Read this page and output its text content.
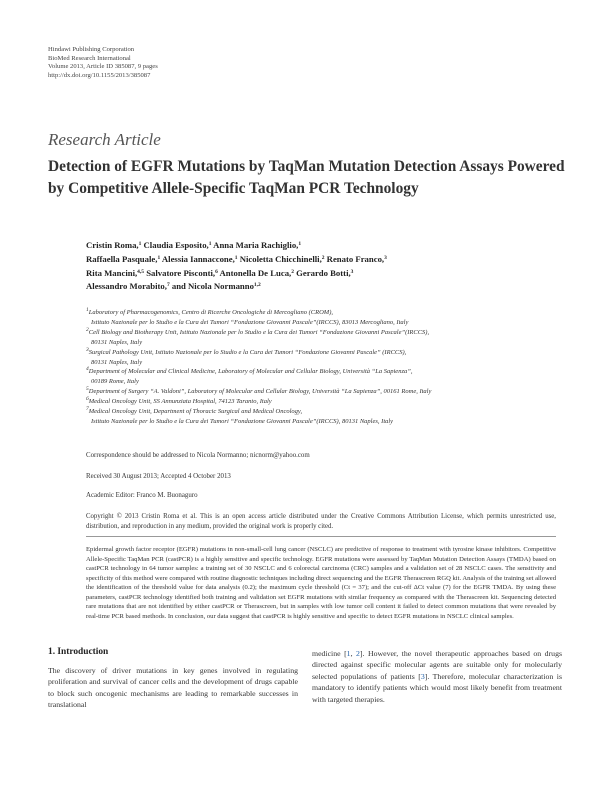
Hindawi Publishing Corporation
BioMed Research International
Volume 2013, Article ID 385087, 9 pages
http://dx.doi.org/10.1155/2013/385087
Research Article
Detection of EGFR Mutations by TaqMan Mutation Detection Assays Powered by Competitive Allele-Specific TaqMan PCR Technology
Cristin Roma,$^1$ Claudia Esposito,$^1$ Anna Maria Rachiglio,$^1$
Raffaella Pasquale,$^1$ Alessia Iannaccone,$^1$ Nicoletta Chicchinelli,$^2$ Renato Franco,$^3$
Rita Mancini,$^{4,5}$ Salvatore Pisconti,$^6$ Antonella De Luca,$^2$ Gerardo Botti,$^3$
Alessandro Morabito,$^7$ and Nicola Normanno$^{1,2}$
$^1$Laboratory of Pharmacogenomics, Centro di Ricerche Oncologiche di Mercogliano (CROM),
Istituto Nazionale per lo Studio e la Cura dei Tumori “Fondazione Giovanni Pascale”(IRCCS), 83013 Mercogliano, Italy
$^2$Cell Biology and Biotherapy Unit, Istituto Nazionale per lo Studio e la Cura dei Tumori “Fondazione Giovanni Pascale”(IRCCS),
80131 Naples, Italy
$^3$Surgical Pathology Unit, Istituto Nazionale per lo Studio e la Cura dei Tumori “Fondazione Giovanni Pascale” (IRCCS),
80131 Naples, Italy
$^4$Department of Molecular and Clinical Medicine, Laboratory of Molecular and Cellular Biology, Università “La Sapienza”,
00189 Rome, Italy
$^5$Department of Surgery “A. Valdoni”, Laboratory of Molecular and Cellular Biology, Università “La Sapienza”, 00161 Rome, Italy
$^6$Medical Oncology Unit, SS Annunziata Hospital, 74123 Taranto, Italy
$^7$Medical Oncology Unit, Department of Thoracic Surgical and Medical Oncology,
Istituto Nazionale per lo Studio e la Cura dei Tumori “Fondazione Giovanni Pascale”(IRCCS), 80131 Naples, Italy
Correspondence should be addressed to Nicola Normanno; nicnorm@yahoo.com
Received 30 August 2013; Accepted 4 October 2013
Academic Editor: Franco M. Buonaguro
Copyright © 2013 Cristin Roma et al. This is an open access article distributed under the Creative Commons Attribution License, which permits unrestricted use, distribution, and reproduction in any medium, provided the original work is properly cited.
Epidermal growth factor receptor (EGFR) mutations in non-small-cell lung cancer (NSCLC) are predictive of response to treatment with tyrosine kinase inhibitors. Competitive Allele-Specific TaqMan PCR (castPCR) is a highly sensitive and specific technology. EGFR mutations were assessed by TaqMan Mutation Detection Assays (TMDA) based on castPCR technology in 64 tumor samples: a training set of 30 NSCLC and 6 colorectal carcinoma (CRC) samples and a validation set of 28 NSCLC cases. The sensitivity and specificity of this method were compared with routine diagnostic techniques including direct sequencing and the EGFR Therascreen RGQ kit. Analysis of the training set allowed the identification of the threshold value for data analysis (0.2); the maximum cycle threshold (Ct = 37); and the cut-off ΔCt value (7) for the EGFR TMDA. By using these parameters, castPCR technology identified both training and validation set EGFR mutations with similar frequency as compared with the Therascreen kit. Sequencing detected rare mutations that are not identified by either castPCR or Therascreen, but in samples with low tumor cell content it failed to detect common mutations that were revealed by real-time PCR based methods. In conclusion, our data suggest that castPCR is highly sensitive and specific to detect EGFR mutations in NSCLC clinical samples.
1. Introduction
The discovery of driver mutations in key genes involved in regulating proliferation and survival of cancer cells and the development of drugs capable to block such oncogenic mechanisms are leading to remarkable successes in translational
medicine [1, 2]. However, the novel therapeutic approaches based on drugs directed against specific molecular agents are suitable only for molecularly selected populations of patients [3]. Therefore, molecular characterization is mandatory to identify patients which would most likely benefit from treatment with targeted therapies.
